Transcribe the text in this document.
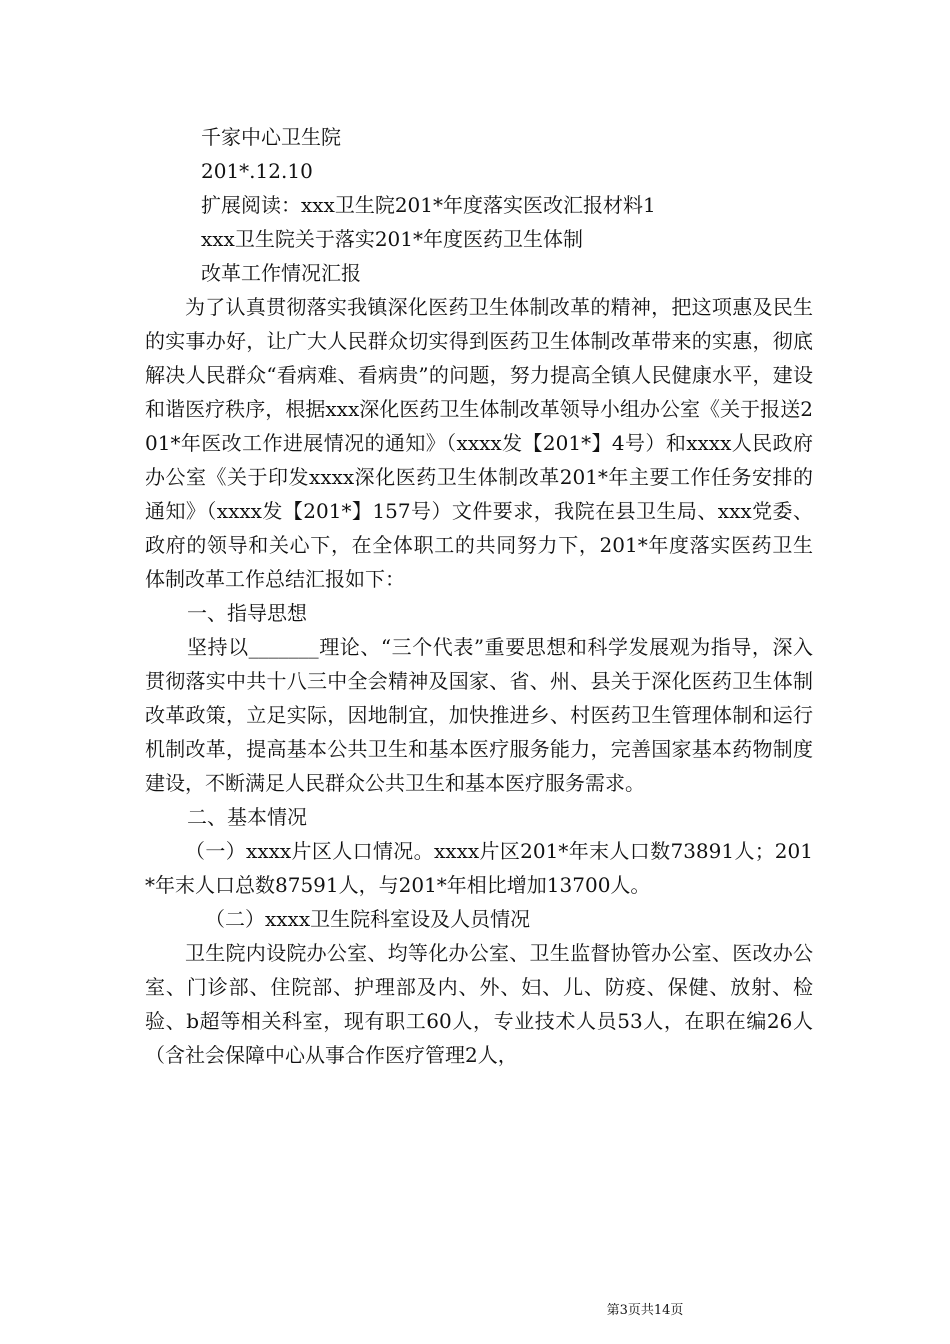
千家中心卫生院
201*.12.10
扩展阅读：xxx卫生院201*年度落实医改汇报材料1
xxx卫生院关于落实201*年度医药卫生体制
改革工作情况汇报

为了认真贯彻落实我镇深化医药卫生体制改革的精神，把这项惠及民生的实事办好，让广大人民群众切实得到医药卫生体制改革带来的实惠，彻底解决人民群众“看病难、看病贵”的问题，努力提高全镇人民健康水平，建设和谐医疗秩序，根据xxx深化医药卫生体制改革领导小组办公室《关于报送201*年医改工作进展情况的通知》（xxxx发【201*】4号）和xxxx人民政府办公室《关于印发xxxx深化医药卫生体制改革201*年主要工作任务安排的通知》（xxxx发【201*】157号）文件要求，我院在县卫生局、xxx党委、政府的领导和关心下，在全体职工的共同努力下，201*年度落实医药卫生体制改革工作总结汇报如下：

一、指导思想

坚持以_______理论、“三个代表”重要思想和科学发展观为指导，深入贯彻落实中共十八三中全会精神及国家、省、州、县关于深化医药卫生体制改革政策，立足实际，因地制宜，加快推进乡、村医药卫生管理体制和运行机制改革，提高基本公共卫生和基本医疗服务能力，完善国家基本药物制度建设，不断满足人民群众公共卫生和基本医疗服务需求。

二、基本情况

（一）xxxx片区人口情况。xxxx片区201*年末人口数73891人；201*年末人口总数87591人，与201*年相比增加13700人。

（二）xxxx卫生院科室设及人员情况

卫生院内设院办公室、均等化办公室、卫生监督协管办公室、医改办公室、门诊部、住院部、护理部及内、外、妇、儿、防疫、保健、放射、检验、b超等相关科室，现有职工60人，专业技术人员53人，在职在编26人（含社会保障中心从事合作医疗管理2人，

第3页共14页
